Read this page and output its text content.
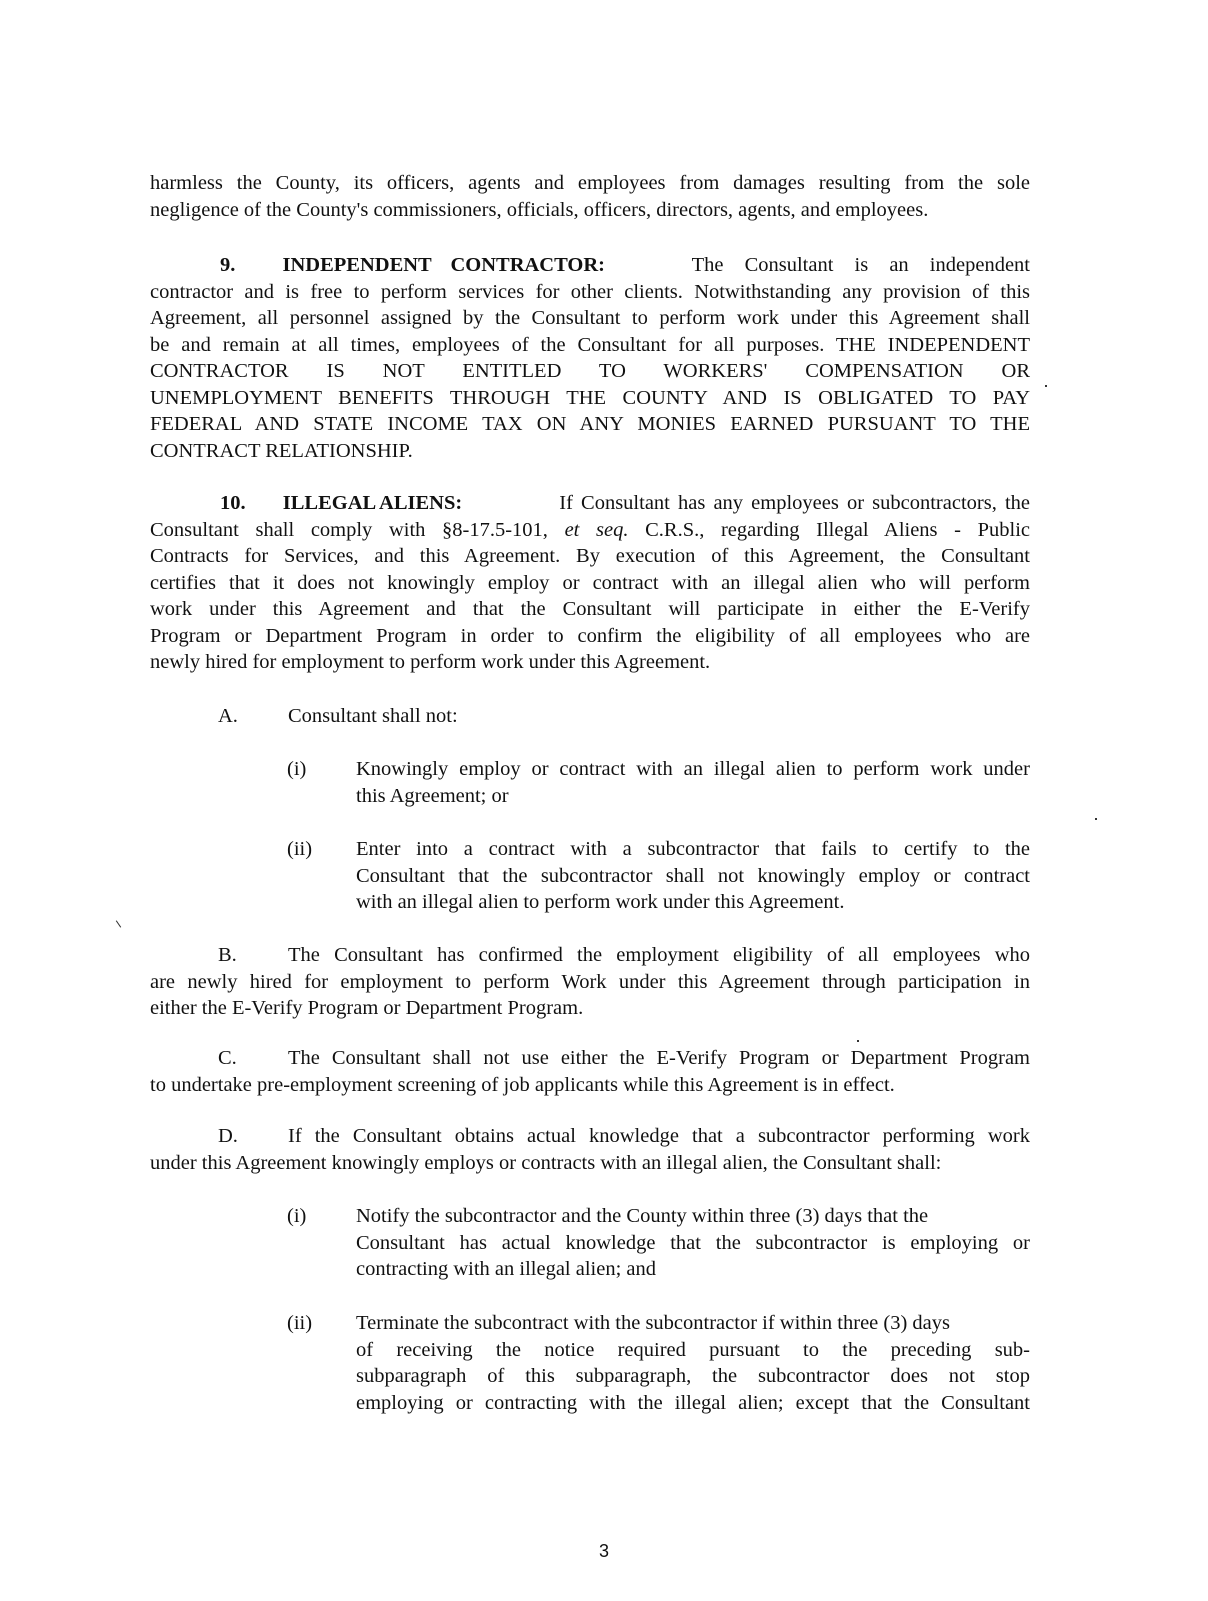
harmless the County, its officers, agents and employees from damages resulting from the sole
negligence of the County's commissioners, officials, officers, directors, agents, and employees.
9. INDEPENDENT CONTRACTOR:	The Consultant is an independent
contractor and is free to perform services for other clients. Notwithstanding any provision of this
Agreement, all personnel assigned by the Consultant to perform work under this Agreement shall
be and remain at all times, employees of the Consultant for all purposes. THE INDEPENDENT
CONTRACTOR IS NOT ENTITLED TO WORKERS' COMPENSATION OR
UNEMPLOYMENT BENEFITS THROUGH THE COUNTY AND IS OBLIGATED TO PAY
FEDERAL AND STATE INCOME TAX ON ANY MONIES EARNED PURSUANT TO THE
CONTRACT RELATIONSHIP.
10. ILLEGAL ALIENS:	If Consultant has any employees or subcontractors, the
Consultant shall comply with §8-17.5-101, et seq. C.R.S., regarding Illegal Aliens - Public
Contracts for Services, and this Agreement. By execution of this Agreement, the Consultant
certifies that it does not knowingly employ or contract with an illegal alien who will perform
work under this Agreement and that the Consultant will participate in either the E-Verify
Program or Department Program in order to confirm the eligibility of all employees who are
newly hired for employment to perform work under this Agreement.
A. Consultant shall not:
(i) Knowingly employ or contract with an illegal alien to perform work under
this Agreement; or
(ii) Enter into a contract with a subcontractor that fails to certify to the
Consultant that the subcontractor shall not knowingly employ or contract
with an illegal alien to perform work under this Agreement.
B.	The Consultant has confirmed the employment eligibility of all employees who
are newly hired for employment to perform Work under this Agreement through participation in
either the E-Verify Program or Department Program.
C.	The Consultant shall not use either the E-Verify Program or Department Program
to undertake pre-employment screening of job applicants while this Agreement is in effect.
D.	If the Consultant obtains actual knowledge that a subcontractor performing work
under this Agreement knowingly employs or contracts with an illegal alien, the Consultant shall:
(i) Notify the subcontractor and the County within three (3) days that the
Consultant has actual knowledge that the subcontractor is employing or
contracting with an illegal alien; and
(ii) Terminate the subcontract with the subcontractor if within three (3) days
of receiving the notice required pursuant to the preceding sub-
subparagraph of this subparagraph, the subcontractor does not stop
employing or contracting with the illegal alien; except that the Consultant
3
